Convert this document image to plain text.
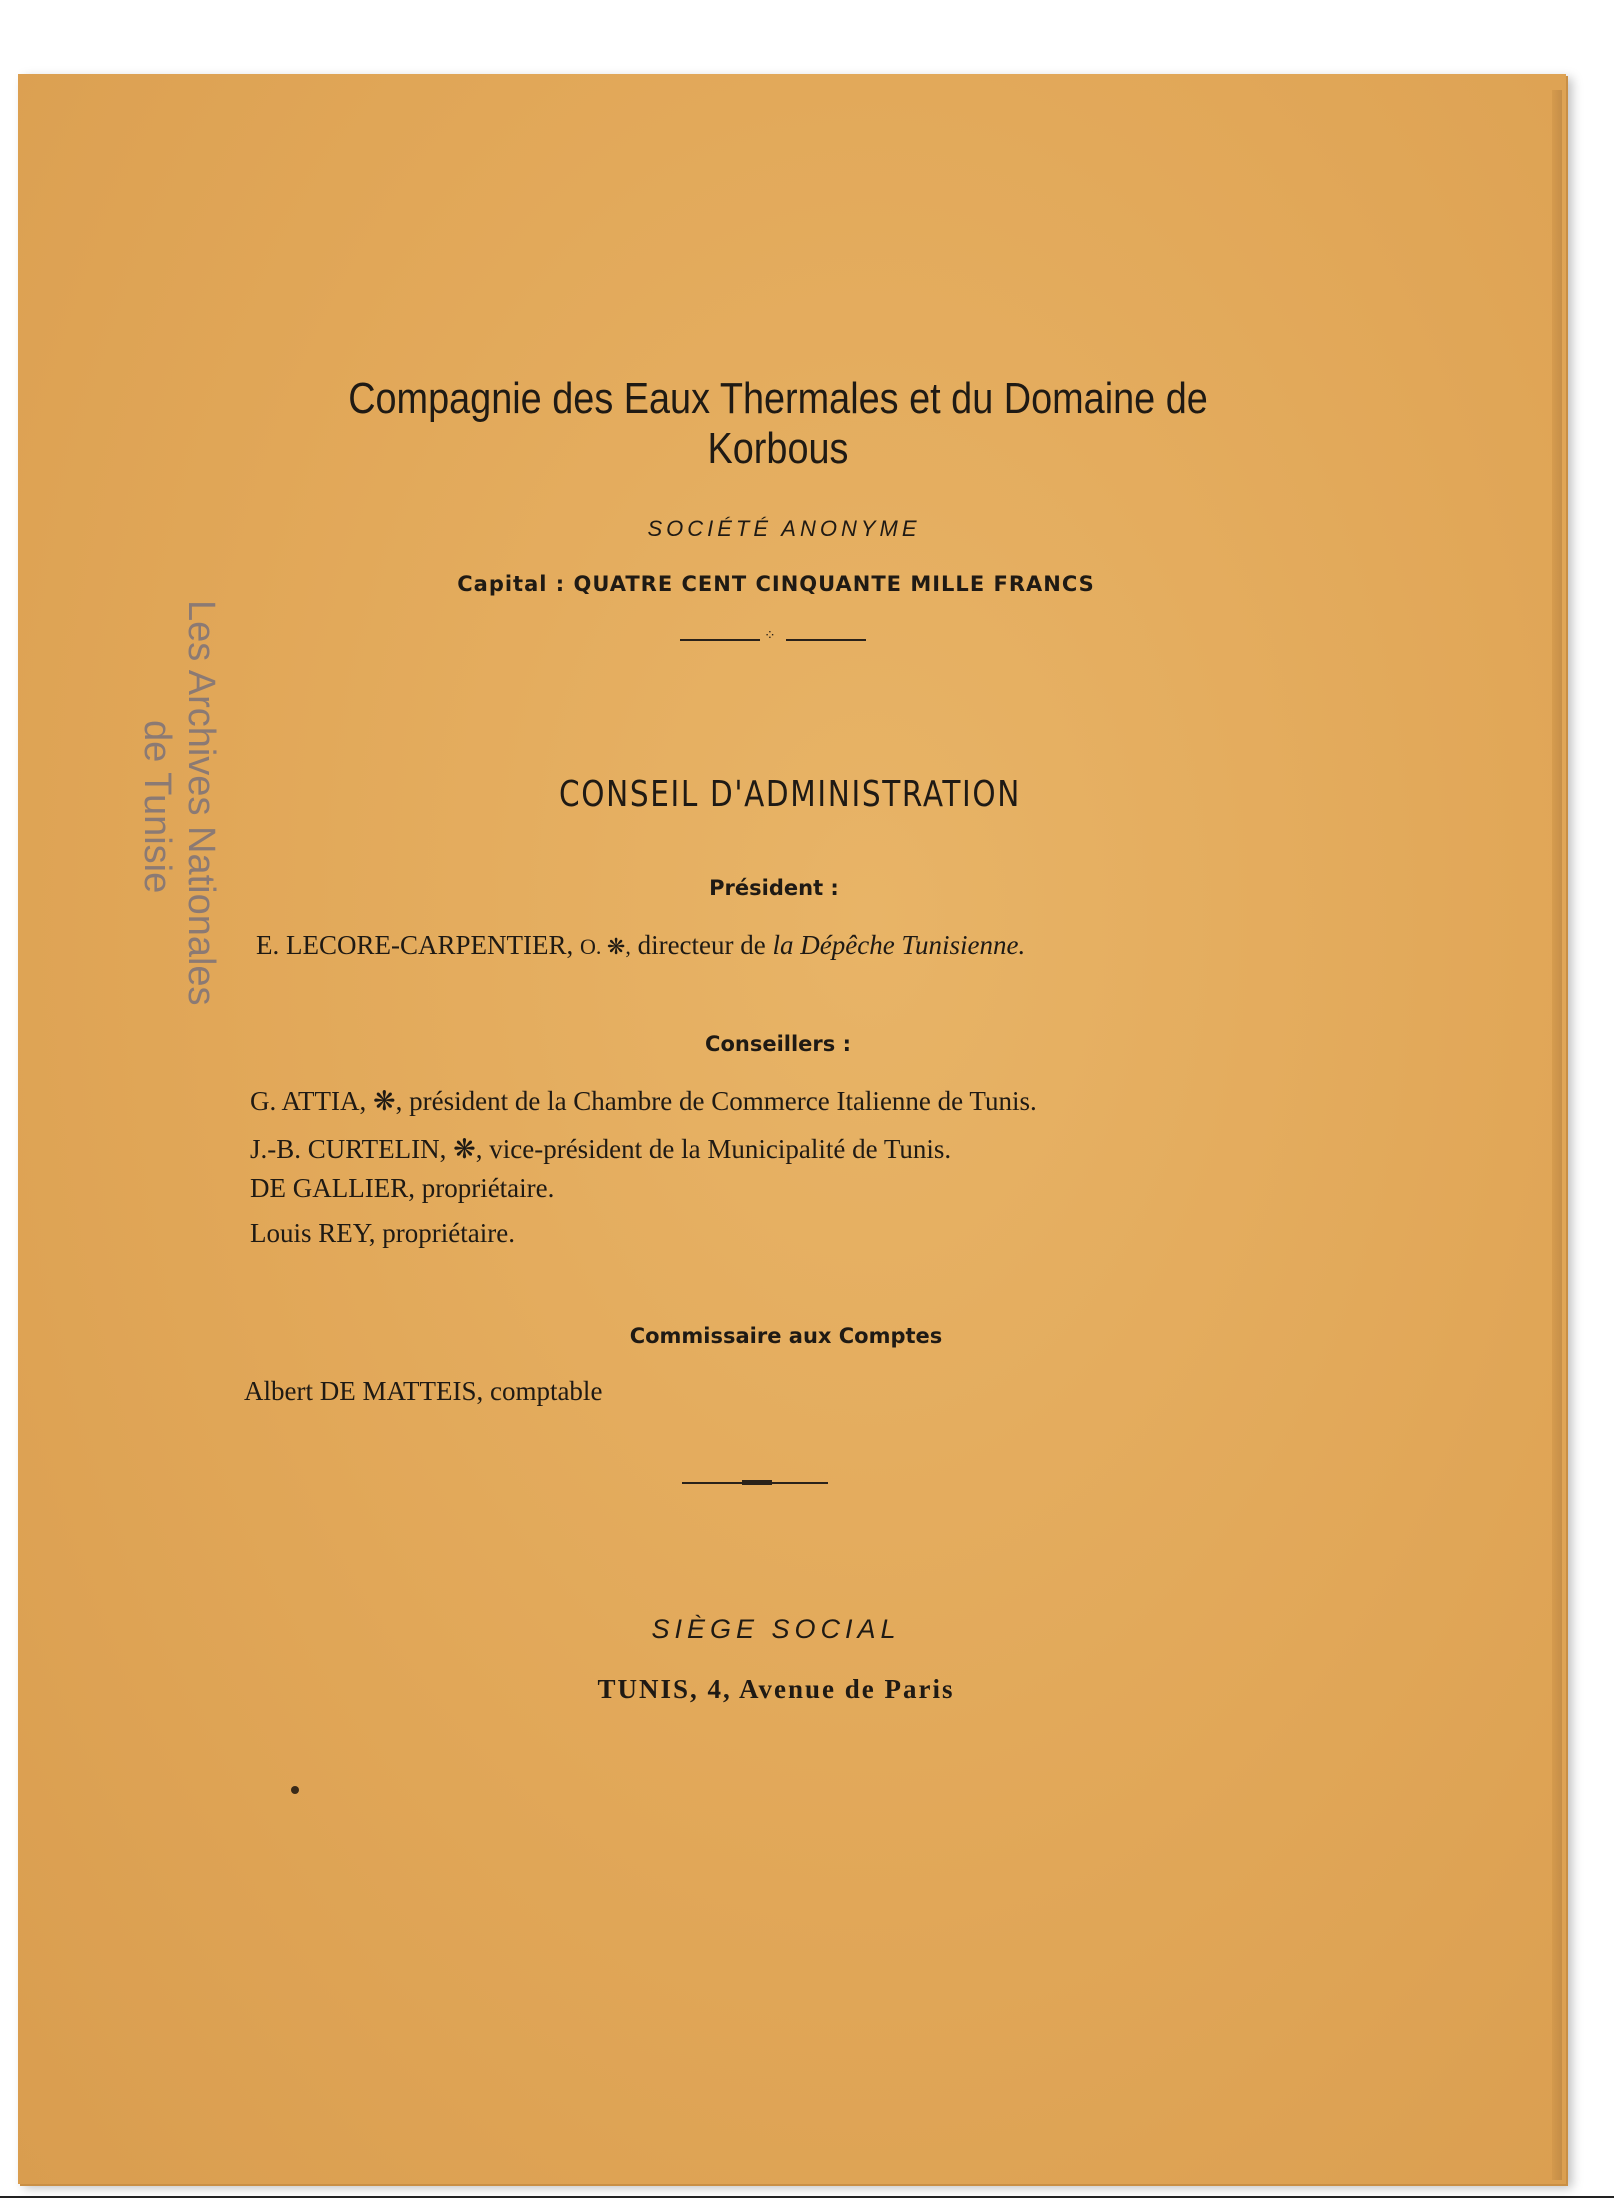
Compagnie des Eaux Thermales et du Domaine de Korbous
SOCIÉTÉ ANONYME
Capital : QUATRE CENT CINQUANTE MILLE FRANCS
⁘
CONSEIL D'ADMINISTRATION
Président :
E. LECORE-CARPENTIER, O. ❋, directeur de la Dépêche Tunisienne.
Conseillers :
G. ATTIA, ❋, président de la Chambre de Commerce Italienne de Tunis.
J.-B. CURTELIN, ❋, vice-président de la Municipalité de Tunis.
DE GALLIER, propriétaire.
Louis REY, propriétaire.
Commissaire aux Comptes
Albert DE MATTEIS, comptable
SIÈGE SOCIAL
TUNIS, 4, Avenue de Paris
Les Archives Nationales
de Tunisie
